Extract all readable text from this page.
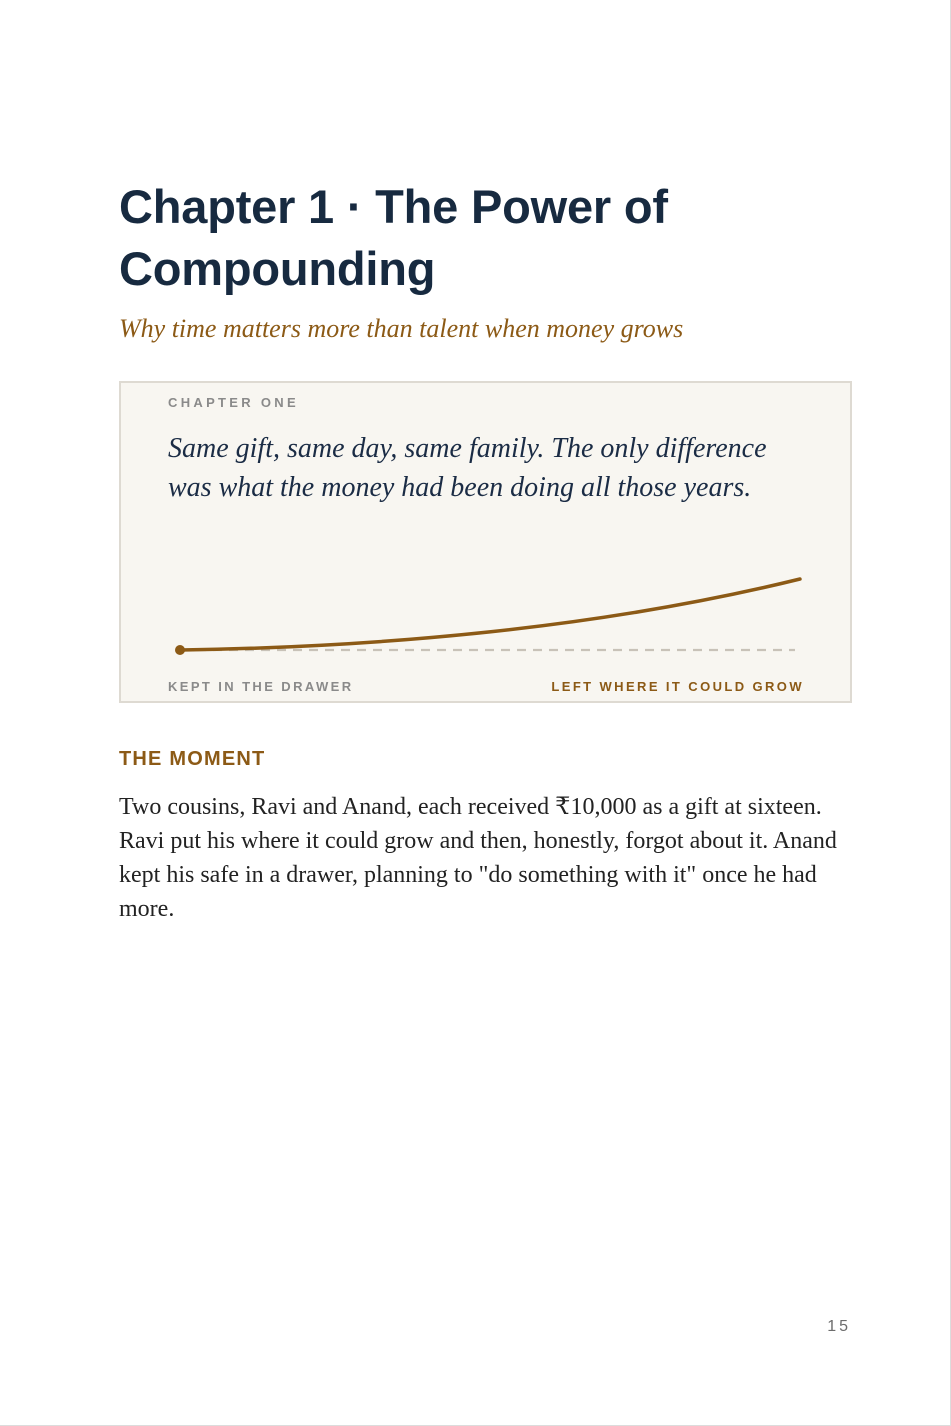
Chapter 1 · The Power of Compounding

Why time matters more than talent when money grows

CHAPTER ONE

Same gift, same day, same family. The only difference was what the money had been doing all those years.

KEPT IN THE DRAWER	LEFT WHERE IT COULD GROW
THE MOMENT

Two cousins, Ravi and Anand, each received ₹10,000 as a gift at sixteen. Ravi put his where it could grow and then, honestly, forgot about it. Anand kept his safe in a drawer, planning to "do something with it" once he had more.

15
